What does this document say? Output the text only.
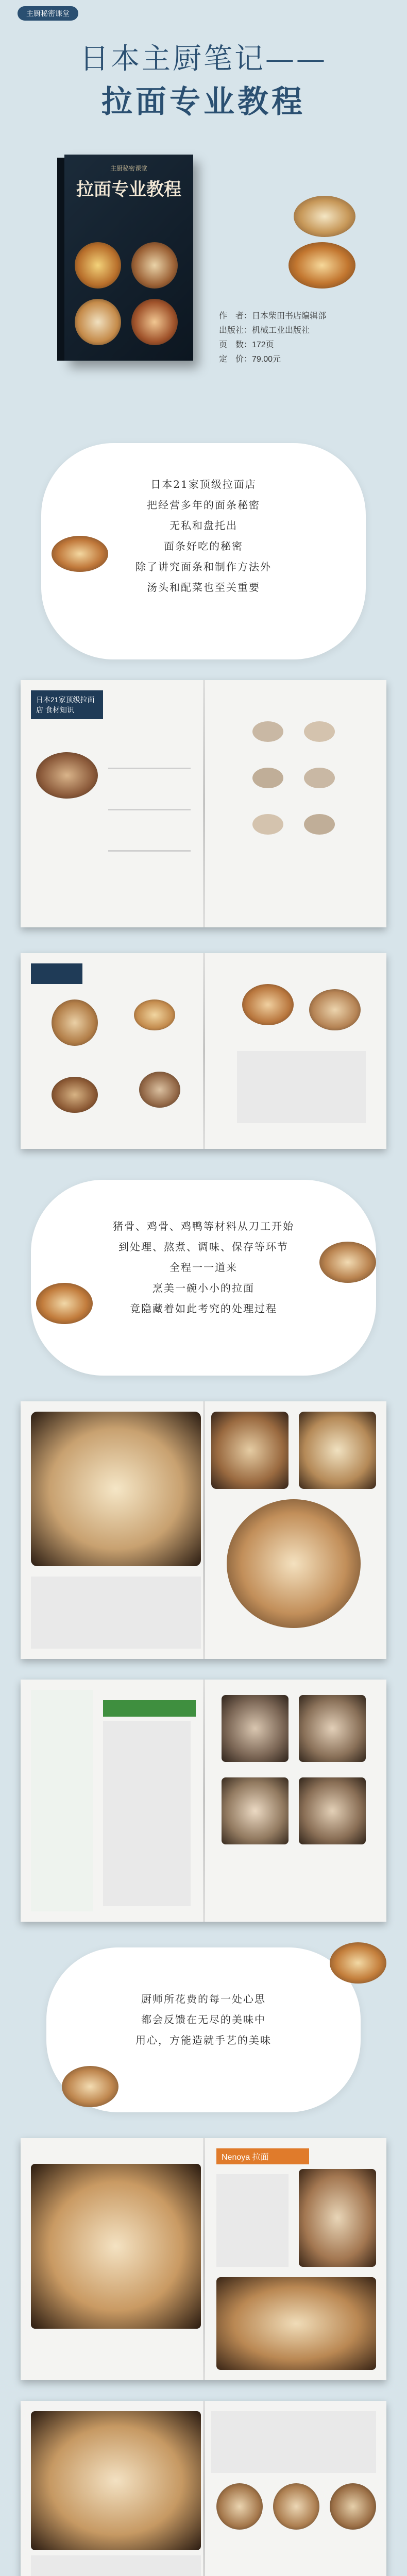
主厨秘密课堂
日本主厨笔记——
拉面专业教程
主厨秘密课堂
拉面专业教程
作　者：日本柴田书店编辑部
出版社：机械工业出版社
页　数：172页
定　价：79.00元
日本21家顶级拉面店
把经营多年的面条秘密
无私和盘托出
面条好吃的秘密
除了讲究面条和制作方法外
汤头和配菜也至关重要
日本21家顶级拉面店 食材知识
猪骨、鸡骨、鸡鸭等材料从刀工开始
到处理、熬煮、调味、保存等环节
全程一一道来
烹美一碗小小的拉面
竟隐藏着如此考究的处理过程
厨师所花费的每一处心思
都会反馈在无尽的美味中
用心，方能造就手艺的美味
Nenoya 拉面
